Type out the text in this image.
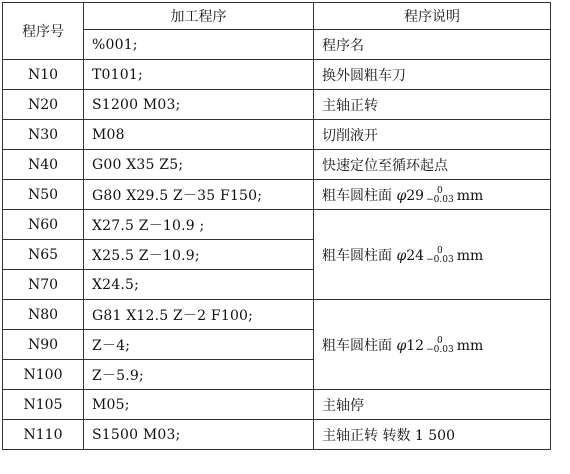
程序号	加工程序	程序说明
	%001;	程序名
N10	T0101;	换外圆粗车刀
N20	S1200 M03;	主轴正转
N30	M08	切削液开
N40	G00 X35 Z5;	快速定位至循环起点
N50	G80 X29.5 Z－35 F150;	粗车圆柱面 φ29 0
−0.03 mm
N60	X27.5 Z－10.9 ;	粗车圆柱面 φ24 0
−0.03 mm
N65	X25.5 Z－10.9;	
N70	X24.5;	
N80	G81 X12.5 Z－2 F100;	粗车圆柱面 φ12 0
−0.03 mm
N90	Z－4;	
N100	Z－5.9;	
N105	M05;	主轴停
N110	S1500 M03;	主轴正转 转数 1 500
